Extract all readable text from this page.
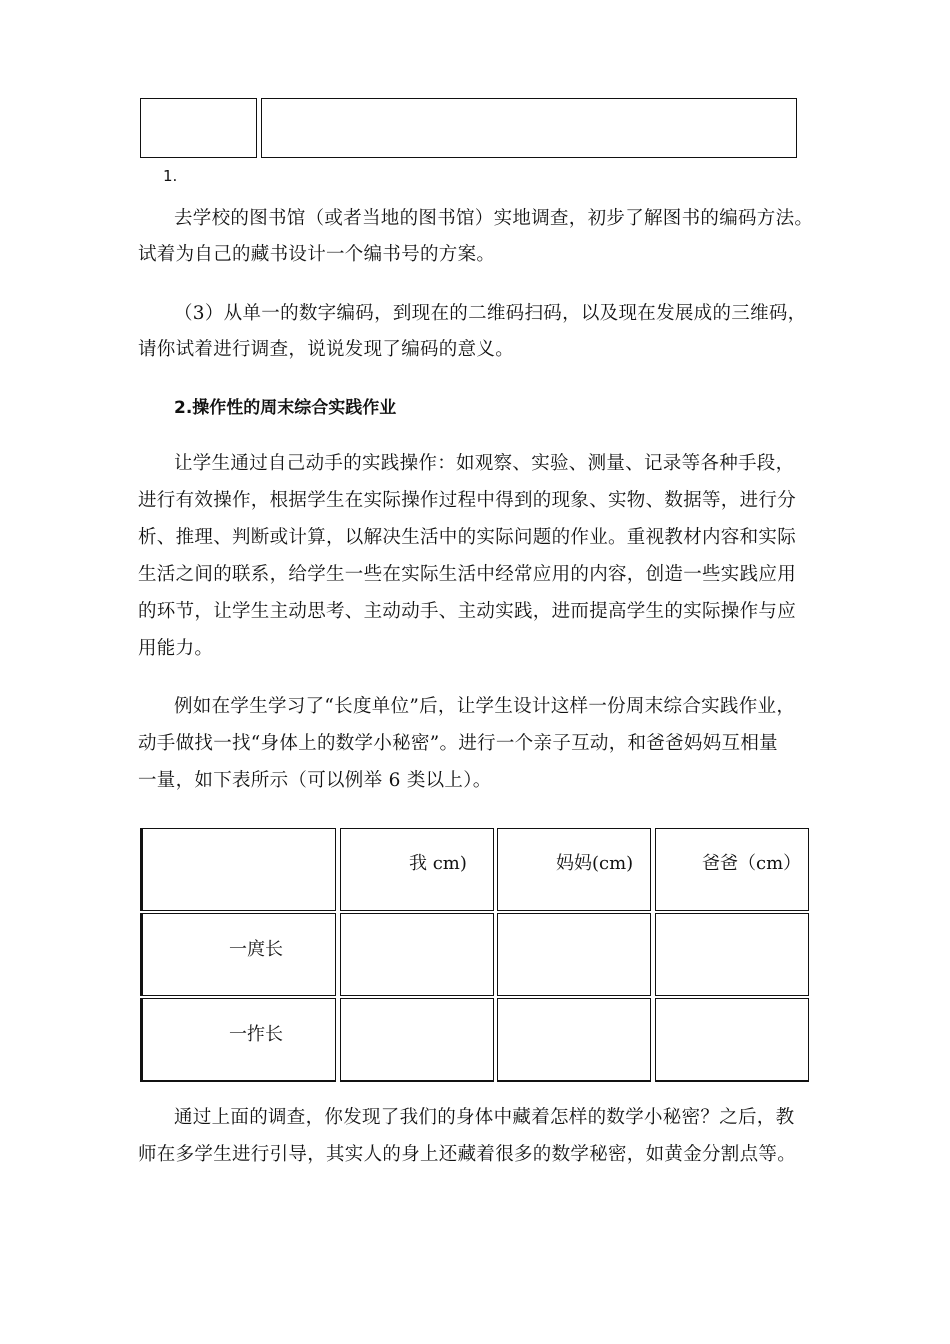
1.
去学校的图书馆（或者当地的图书馆）实地调查，初步了解图书的编码方法。
试着为自己的藏书设计一个编书号的方案。
（3）从单一的数字编码，到现在的二维码扫码，以及现在发展成的三维码，
请你试着进行调查，说说发现了编码的意义。
2.操作性的周末综合实践作业
让学生通过自己动手的实践操作：如观察、实验、测量、记录等各种手段，
进行有效操作，根据学生在实际操作过程中得到的现象、实物、数据等，进行分
析、推理、判断或计算，以解决生活中的实际问题的作业。重视教材内容和实际
生活之间的联系，给学生一些在实际生活中经常应用的内容，创造一些实践应用
的环节，让学生主动思考、主动动手、主动实践，进而提高学生的实际操作与应
用能力。
例如在学生学习了“长度单位”后，让学生设计这样一份周末综合实践作业，
动手做找一找“身体上的数学小秘密”。进行一个亲子互动，和爸爸妈妈互相量
一量，如下表所示（可以例举 6 类以上）。
我 cm)	妈妈(cm)	爸爸（cm）
一庹长
一拃长
通过上面的调查，你发现了我们的身体中藏着怎样的数学小秘密？之后，教
师在多学生进行引导，其实人的身上还藏着很多的数学秘密，如黄金分割点等。
